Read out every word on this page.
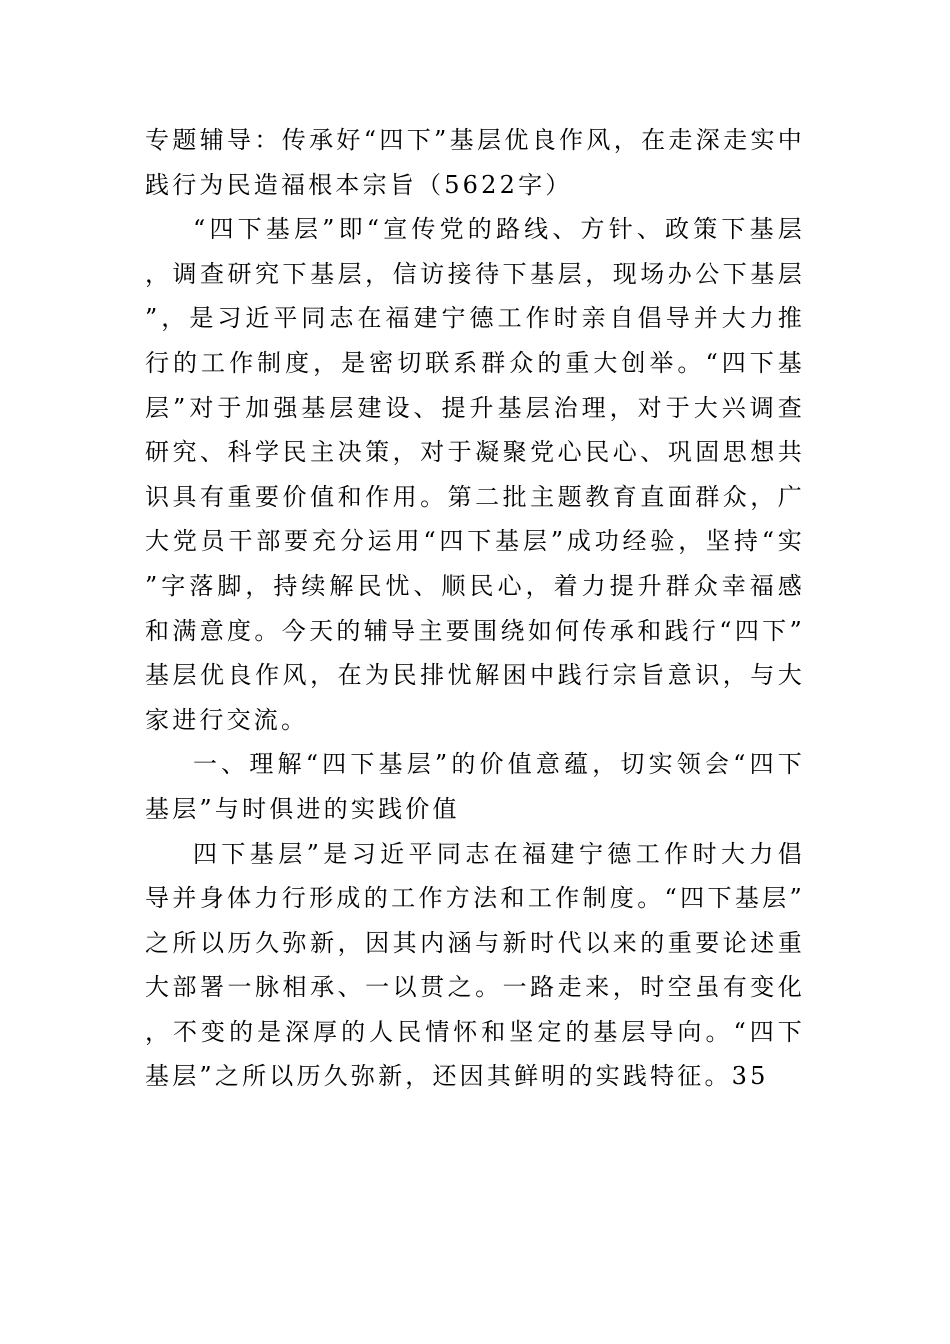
专题辅导：传承好“四下”基层优良作风，在走深走实中践行为民造福根本宗旨（5622字）

“四下基层”即“宣传党的路线、方针、政策下基层，调查研究下基层，信访接待下基层，现场办公下基层”，是习近平同志在福建宁德工作时亲自倡导并大力推行的工作制度，是密切联系群众的重大创举。“四下基层”对于加强基层建设、提升基层治理，对于大兴调查研究、科学民主决策，对于凝聚党心民心、巩固思想共识具有重要价值和作用。第二批主题教育直面群众，广大党员干部要充分运用“四下基层”成功经验，坚持“实”字落脚，持续解民忧、顺民心，着力提升群众幸福感和满意度。今天的辅导主要围绕如何传承和践行“四下”基层优良作风，在为民排忧解困中践行宗旨意识，与大家进行交流。

一、理解“四下基层”的价值意蕴，切实领会“四下基层”与时俱进的实践价值

四下基层”是习近平同志在福建宁德工作时大力倡导并身体力行形成的工作方法和工作制度。“四下基层”之所以历久弥新，因其内涵与新时代以来的重要论述重大部署一脉相承、一以贯之。一路走来，时空虽有变化，不变的是深厚的人民情怀和坚定的基层导向。“四下基层”之所以历久弥新，还因其鲜明的实践特征。35
